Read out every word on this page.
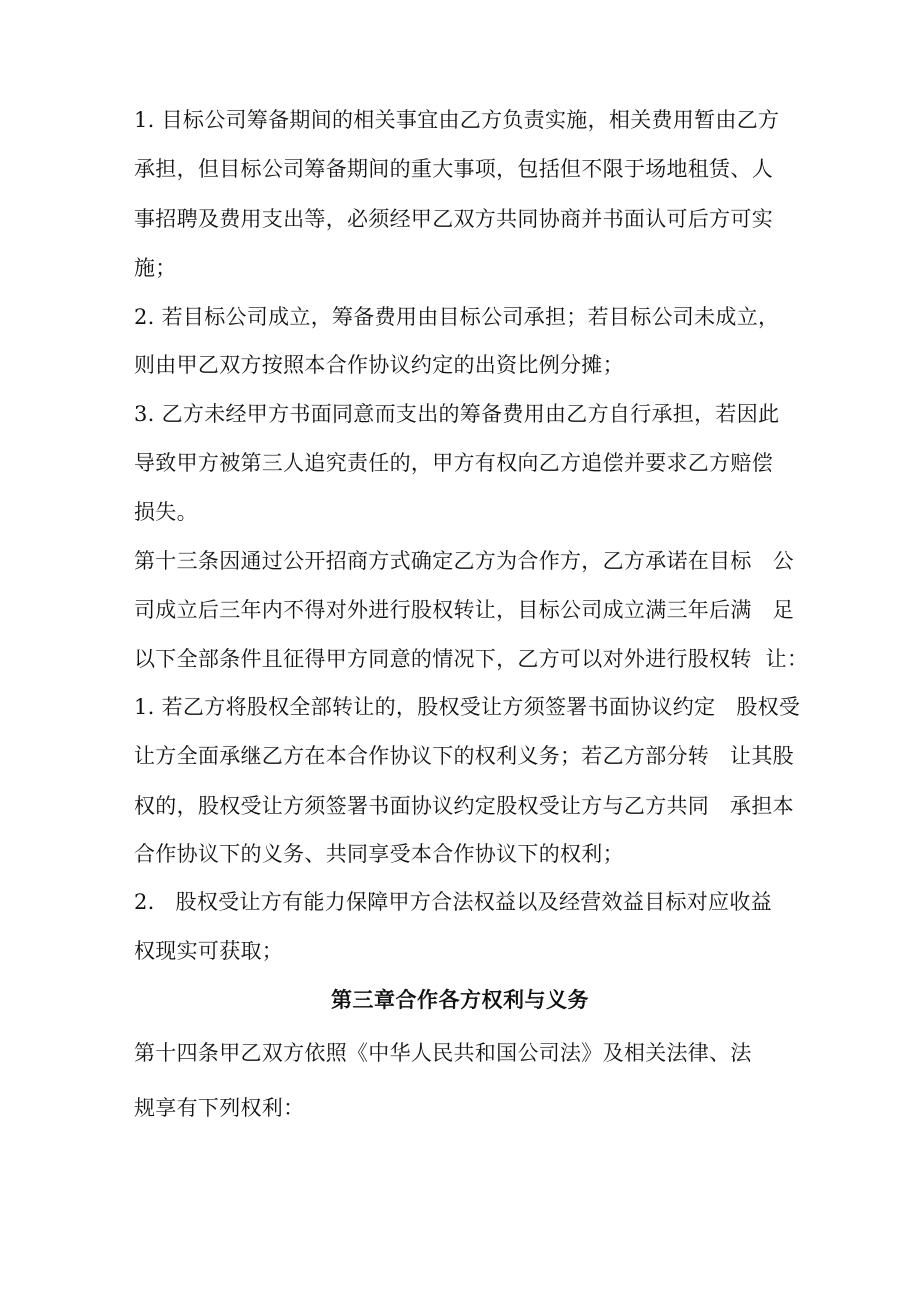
1. 目标公司筹备期间的相关事宜由乙方负责实施，相关费用暂由乙方
承担，但目标公司筹备期间的重大事项，包括但不限于场地租赁、人
事招聘及费用支出等，必须经甲乙双方共同协商并书面认可后方可实
施；
2. 若目标公司成立，筹备费用由目标公司承担；若目标公司未成立，
则由甲乙双方按照本合作协议约定的出资比例分摊；
3. 乙方未经甲方书面同意而支出的筹备费用由乙方自行承担，若因此
导致甲方被第三人追究责任的，甲方有权向乙方追偿并要求乙方赔偿
损失。
第十三条因通过公开招商方式确定乙方为合作方，乙方承诺在目标   公
司成立后三年内不得对外进行股权转让，目标公司成立满三年后满   足
以下全部条件且征得甲方同意的情况下，乙方可以对外进行股权转  让：
1. 若乙方将股权全部转让的，股权受让方须签署书面协议约定   股权受
让方全面承继乙方在本合作协议下的权利义务；若乙方部分转   让其股
权的，股权受让方须签署书面协议约定股权受让方与乙方共同   承担本
合作协议下的义务、共同享受本合作协议下的权利；
2.   股权受让方有能力保障甲方合法权益以及经营效益目标对应收益
权现实可获取；
第三章合作各方权利与义务
第十四条甲乙双方依照《中华人民共和国公司法》及相关法律、法
规享有下列权利：
